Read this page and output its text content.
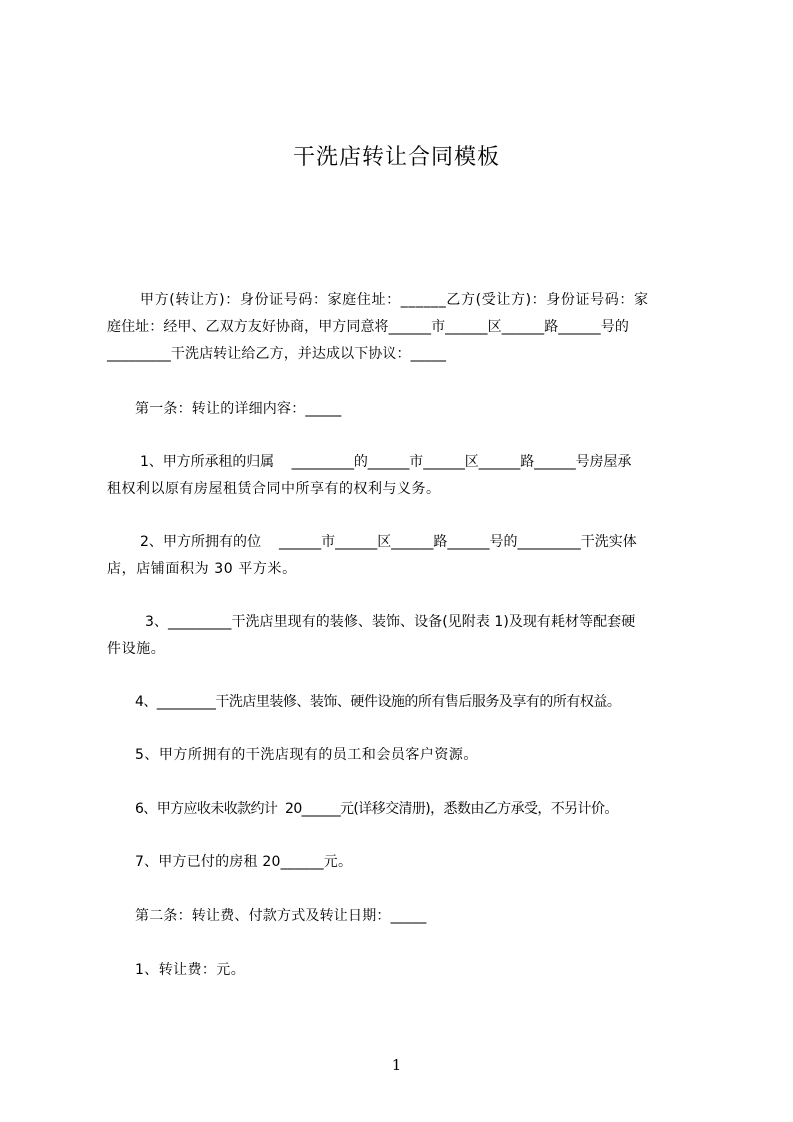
干洗店转让合同模板
甲方(转让方)：身份证号码：家庭住址：______乙方(受让方)：身份证号码：家
庭住址：经甲、乙双方友好协商，甲方同意将______市______区______路______号的
_________干洗店转让给乙方，并达成以下协议：_____
第一条：转让的详细内容：_____
1、甲方所承租的归属    _________的______市______区______路______号房屋承
租权利以原有房屋租赁合同中所享有的权利与义务。
2、甲方所拥有的位    ______市______区______路______号的_________干洗实体
店，店铺面积为 30 平方米。
3、_________干洗店里现有的装修、装饰、设备(见附表 1)及现有耗材等配套硬
件设施。
4、_________干洗店里装修、装饰、硬件设施的所有售后服务及享有的所有权益。
5、甲方所拥有的干洗店现有的员工和会员客户资源。
6、甲方应收未收款约计  20______元(详移交清册)，悉数由乙方承受，不另计价。
7、甲方已付的房租 20______元。
第二条：转让费、付款方式及转让日期：_____
1、转让费：元。
1
